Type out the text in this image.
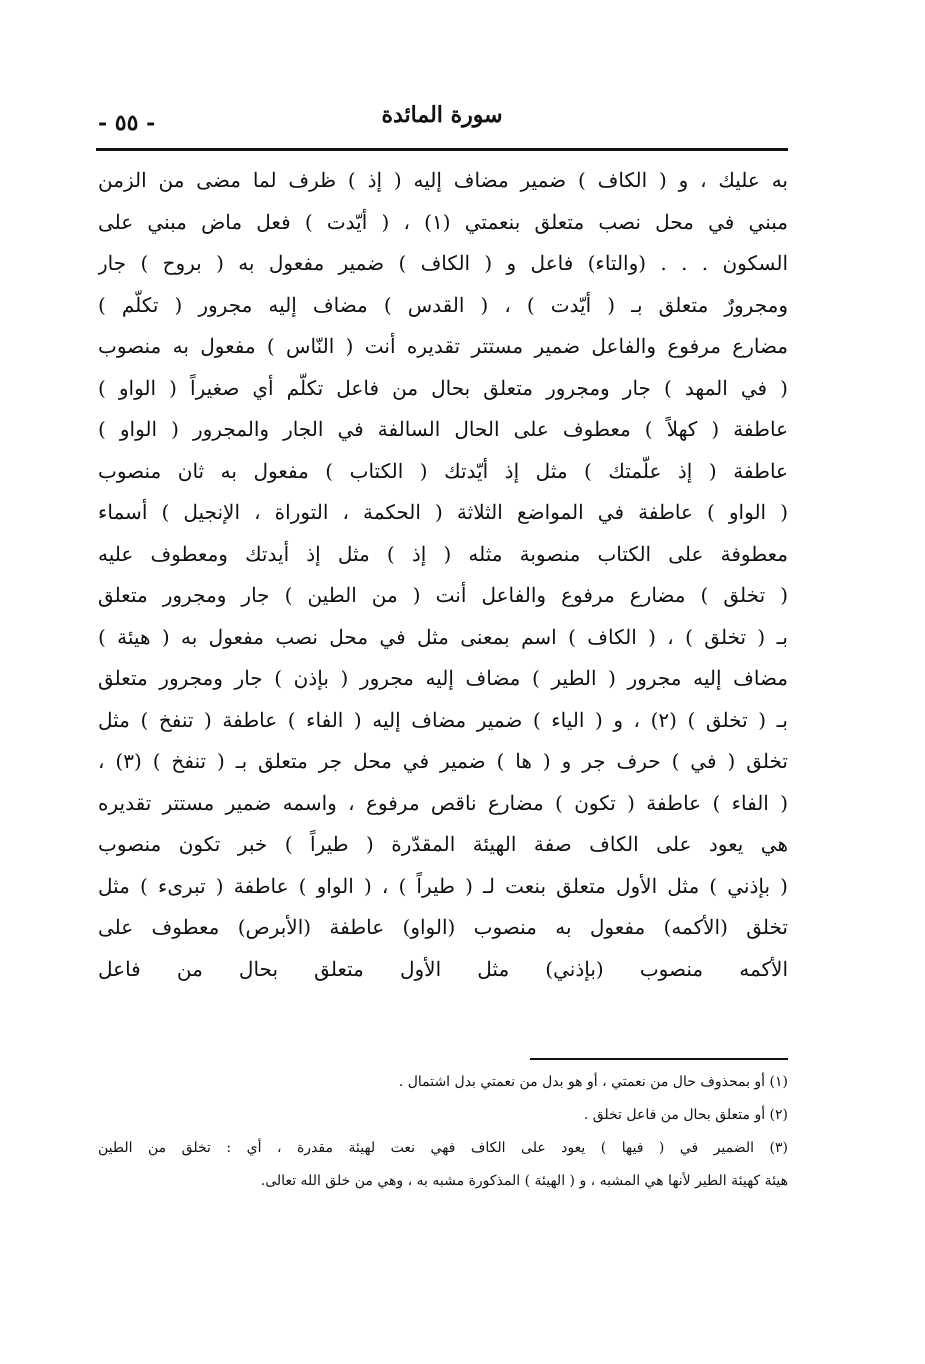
سورة المائدة
- ٥٥ -
به عليك ، و ( الكاف ) ضمير مضاف إليه ( إذ ) ظرف لما مضى من الزمن
مبني في محل نصب متعلق بنعمتي (١) ، ( أيّدت ) فعل ماض مبني على
السكون . . . (والتاء) فاعل و ( الكاف ) ضمير مفعول به ( بروح ) جار
ومجرورٌ متعلق بـ ( أيّدت ) ، ( القدس ) مضاف إليه مجرور ( تكلّم )
مضارع مرفوع والفاعل ضمير مستتر تقديره أنت ( النّاس ) مفعول به منصوب
( في المهد ) جار ومجرور متعلق بحال من فاعل تكلّم أي صغيراً ( الواو )
عاطفة ( كهلاً ) معطوف على الحال السالفة في الجار والمجرور ( الواو )
عاطفة ( إذ علّمتك ) مثل إذ أيّدتك ( الكتاب ) مفعول به ثان منصوب
( الواو ) عاطفة في المواضع الثلاثة ( الحكمة ، التوراة ، الإنجيل ) أسماء
معطوفة على الكتاب منصوبة مثله ( إذ ) مثل إذ أيدتك ومعطوف عليه
( تخلق ) مضارع مرفوع والفاعل أنت ( من الطين ) جار ومجرور متعلق
بـ ( تخلق ) ، ( الكاف ) اسم بمعنى مثل في محل نصب مفعول به ( هيئة )
مضاف إليه مجرور ( الطير ) مضاف إليه مجرور ( بإذن ) جار ومجرور متعلق
بـ ( تخلق ) (٢) ، و ( الياء ) ضمير مضاف إليه ( الفاء ) عاطفة ( تنفخ ) مثل
تخلق ( في ) حرف جر و ( ها ) ضمير في محل جر متعلق بـ ( تنفخ ) (٣) ،
( الفاء ) عاطفة ( تكون ) مضارع ناقص مرفوع ، واسمه ضمير مستتر تقديره
هي يعود على الكاف صفة الهيئة المقدّرة ( طيراً ) خبر تكون منصوب
( بإذني ) مثل الأول متعلق بنعت لـ ( طيراً ) ، ( الواو ) عاطفة ( تبرىء ) مثل
تخلق (الأكمه) مفعول به منصوب (الواو) عاطفة (الأبرص) معطوف على
الأكمه منصوب (بإذني) مثل الأول متعلق بحال من فاعل
(١) أو بمحذوف حال من نعمتي ، أو هو بدل من نعمتي بدل اشتمال .
(٢) أو متعلق بحال من فاعل تخلق .
(٣) الضمير في ( فيها ) يعود على الكاف فهي نعت لهيئة مقدرة ، أي : تخلق من الطين
هيئة كهيئة الطير لأنها هي المشبه ، و ( الهيئة ) المذكورة مشبه به ، وهي من خلق الله تعالى.
